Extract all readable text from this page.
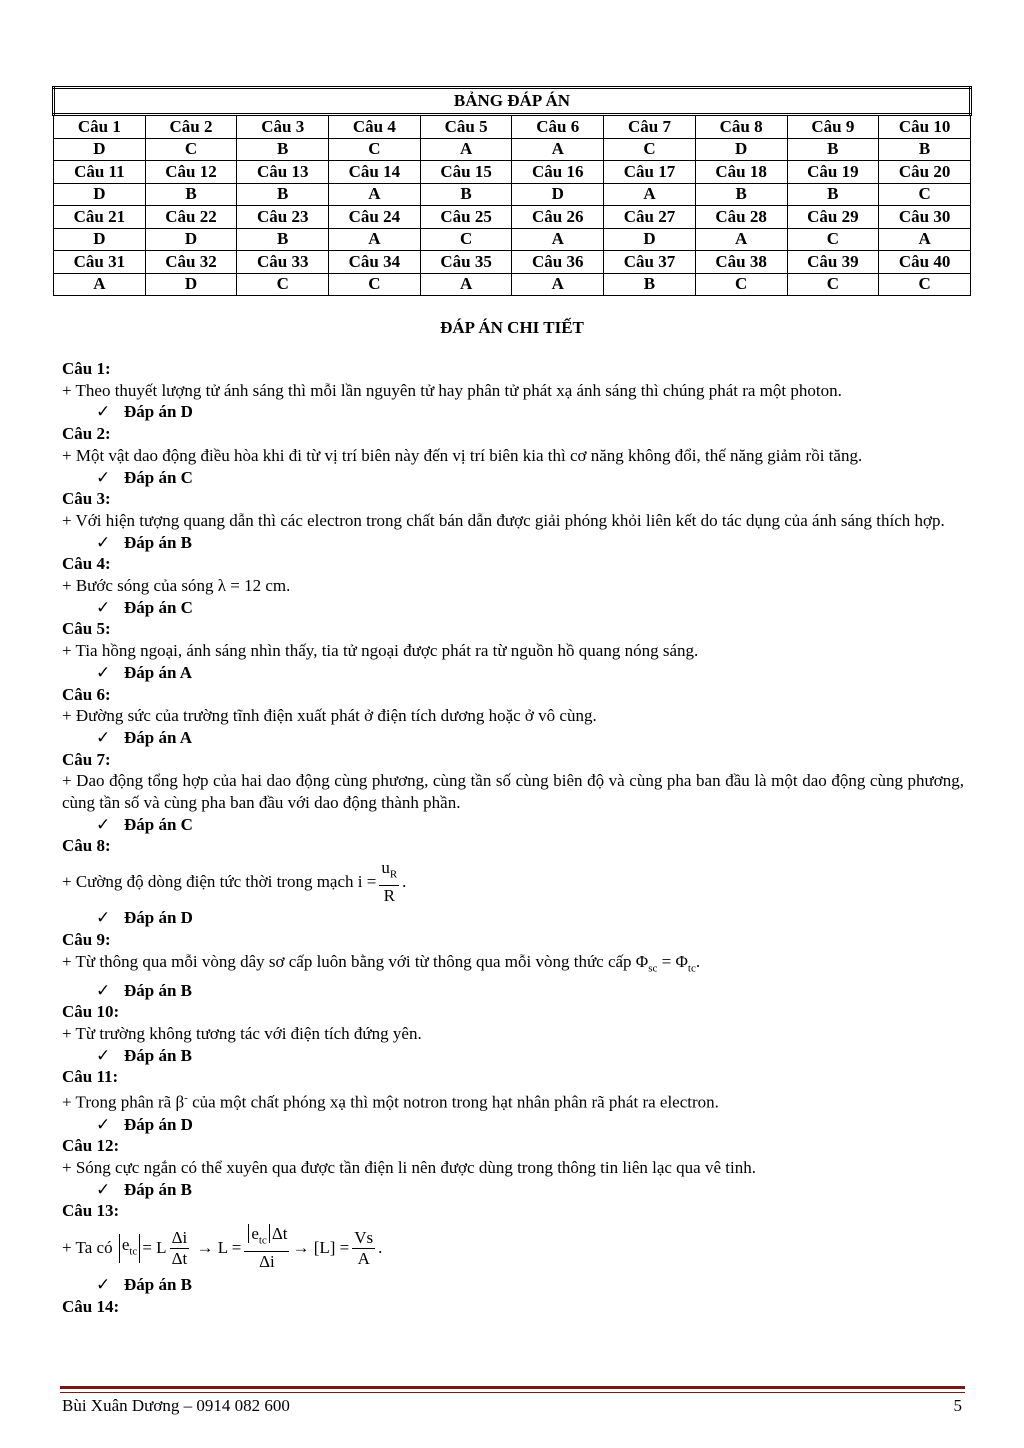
BẢNG ĐÁP ÁN									
Câu 1	Câu 2	Câu 3	Câu 4	Câu 5	Câu 6	Câu 7	Câu 8	Câu 9	Câu 10
D	C	B	C	A	A	C	D	B	B
Câu 11	Câu 12	Câu 13	Câu 14	Câu 15	Câu 16	Câu 17	Câu 18	Câu 19	Câu 20
D	B	B	A	B	D	A	B	B	C
Câu 21	Câu 22	Câu 23	Câu 24	Câu 25	Câu 26	Câu 27	Câu 28	Câu 29	Câu 30
D	D	B	A	C	A	D	A	C	A
Câu 31	Câu 32	Câu 33	Câu 34	Câu 35	Câu 36	Câu 37	Câu 38	Câu 39	Câu 40
A	D	C	C	A	A	B	C	C	C
ĐÁP ÁN CHI TIẾT
Câu 1:
+ Theo thuyết lượng tử ánh sáng thì mỗi lần nguyên tử hay phân tử phát xạ ánh sáng thì chúng phát ra một photon.
✓ Đáp án D
Câu 2:
+ Một vật dao động điều hòa khi đi từ vị trí biên này đến vị trí biên kia thì cơ năng không đổi, thế năng giảm rồi tăng.
✓ Đáp án C
Câu 3:
+ Với hiện tượng quang dẫn thì các electron trong chất bán dẫn được giải phóng khỏi liên kết do tác dụng của ánh sáng thích hợp.
✓ Đáp án B
Câu 4:
+ Bước sóng của sóng λ = 12 cm.
✓ Đáp án C
Câu 5:
+ Tia hồng ngoại, ánh sáng nhìn thấy, tia tử ngoại được phát ra từ nguồn hồ quang nóng sáng.
✓ Đáp án A
Câu 6:
+ Đường sức của trường tĩnh điện xuất phát ở điện tích dương hoặc ở vô cùng.
✓ Đáp án A
Câu 7:
+ Dao động tổng hợp của hai dao động cùng phương, cùng tần số cùng biên độ và cùng pha ban đầu là một dao động cùng phương, cùng tần số và cùng pha ban đầu với dao động thành phần.
✓ Đáp án C
Câu 8:
+ Cường độ dòng điện tức thời trong mạch
$i = \frac{u_R}{R}$ .
✓ Đáp án D
Câu 9:
+ Từ thông qua mỗi vòng dây sơ cấp luôn bằng với từ thông qua mỗi vòng thức cấp $\Phi_{sc} = \Phi_{tc}$.
✓ Đáp án B
Câu 10:
+ Từ trường không tương tác với điện tích đứng yên.
✓ Đáp án B
Câu 11:
+ Trong phân rã β- của một chất phóng xạ thì một notron trong hạt nhân phân rã phát ra electron.
✓ Đáp án D
Câu 12:
+ Sóng cực ngắn có thể xuyên qua được tần điện li nên được dùng trong thông tin liên lạc qua vê tinh.
✓ Đáp án B
Câu 13:
+ Ta có
$e_{tc} = L \frac{\Delta i}{\Delta t}$
→
$L = \frac{e_{tc} \Delta t}{\Delta i}$ →
$[L] = \frac{Vs}{A}$ .
✓ Đáp án B
Câu 14:
Bùi Xuân Dương – 0914 082 600	5
